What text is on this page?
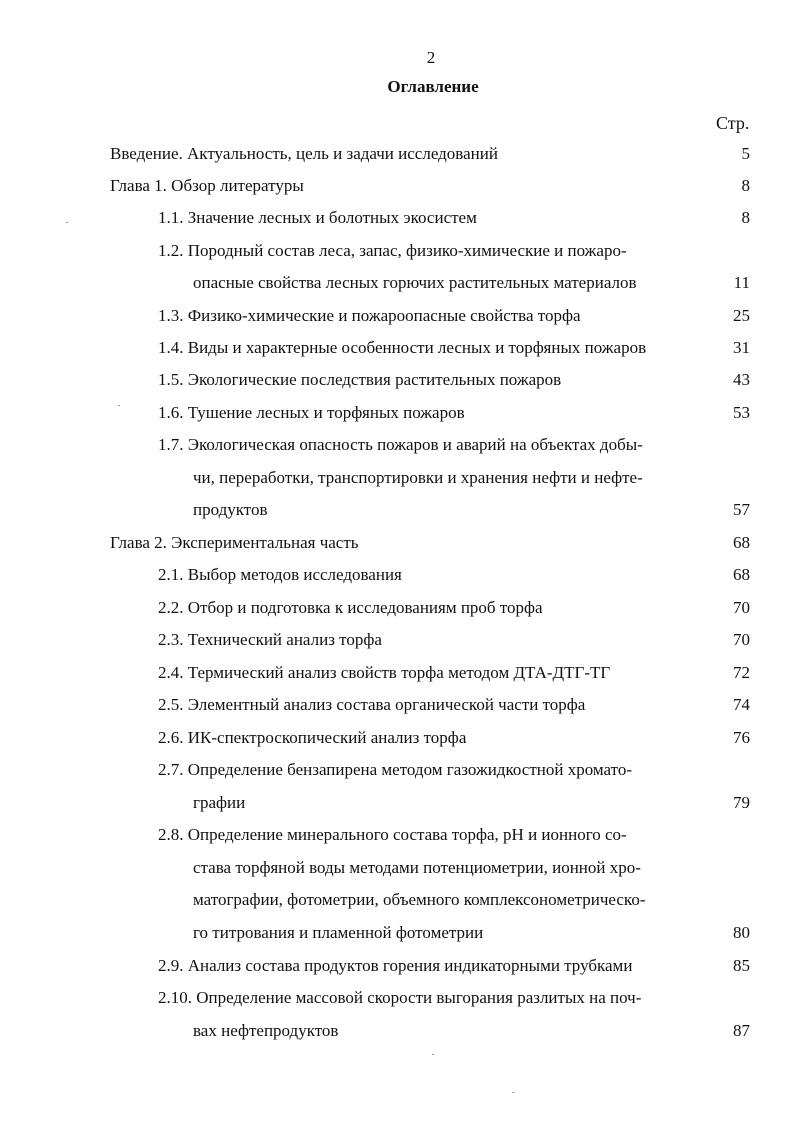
2
Оглавление
Стр.
Введение. Актуальность, цель и задачи исследований	5
Глава 1. Обзор литературы	8
1.1. Значение лесных и болотных экосистем	8
1.2. Породный состав леса, запас, физико-химические и пожаро-
опасные свойства лесных горючих растительных материалов	11
1.3. Физико-химические и пожароопасные свойства торфа	25
1.4. Виды и характерные особенности лесных и торфяных пожаров	31
1.5. Экологические последствия растительных пожаров	43
1.6. Тушение лесных и торфяных пожаров	53
1.7. Экологическая опасность пожаров и аварий на объектах добы-
чи, переработки, транспортировки и хранения нефти и нефте-
продуктов	57
Глава 2. Экспериментальная часть	68
2.1. Выбор методов исследования	68
2.2. Отбор и подготовка к исследованиям проб торфа	70
2.3. Технический анализ торфа	70
2.4. Термический анализ свойств торфа методом ДТА-ДТГ-ТГ	72
2.5. Элементный анализ состава органической части торфа	74
2.6. ИК-спектроскопический анализ торфа	76
2.7. Определение бензапирена методом газожидкостной хромато-
графии	79
2.8. Определение минерального состава торфа, pH и ионного со-
става торфяной воды методами потенциометрии, ионной хро-
матографии, фотометрии, объемного комплексонометрическо-
го титрования и пламенной фотометрии	80
2.9. Анализ состава продуктов горения индикаторными трубками	85
2.10. Определение массовой скорости выгорания разлитых на поч-
вах нефтепродуктов	87
